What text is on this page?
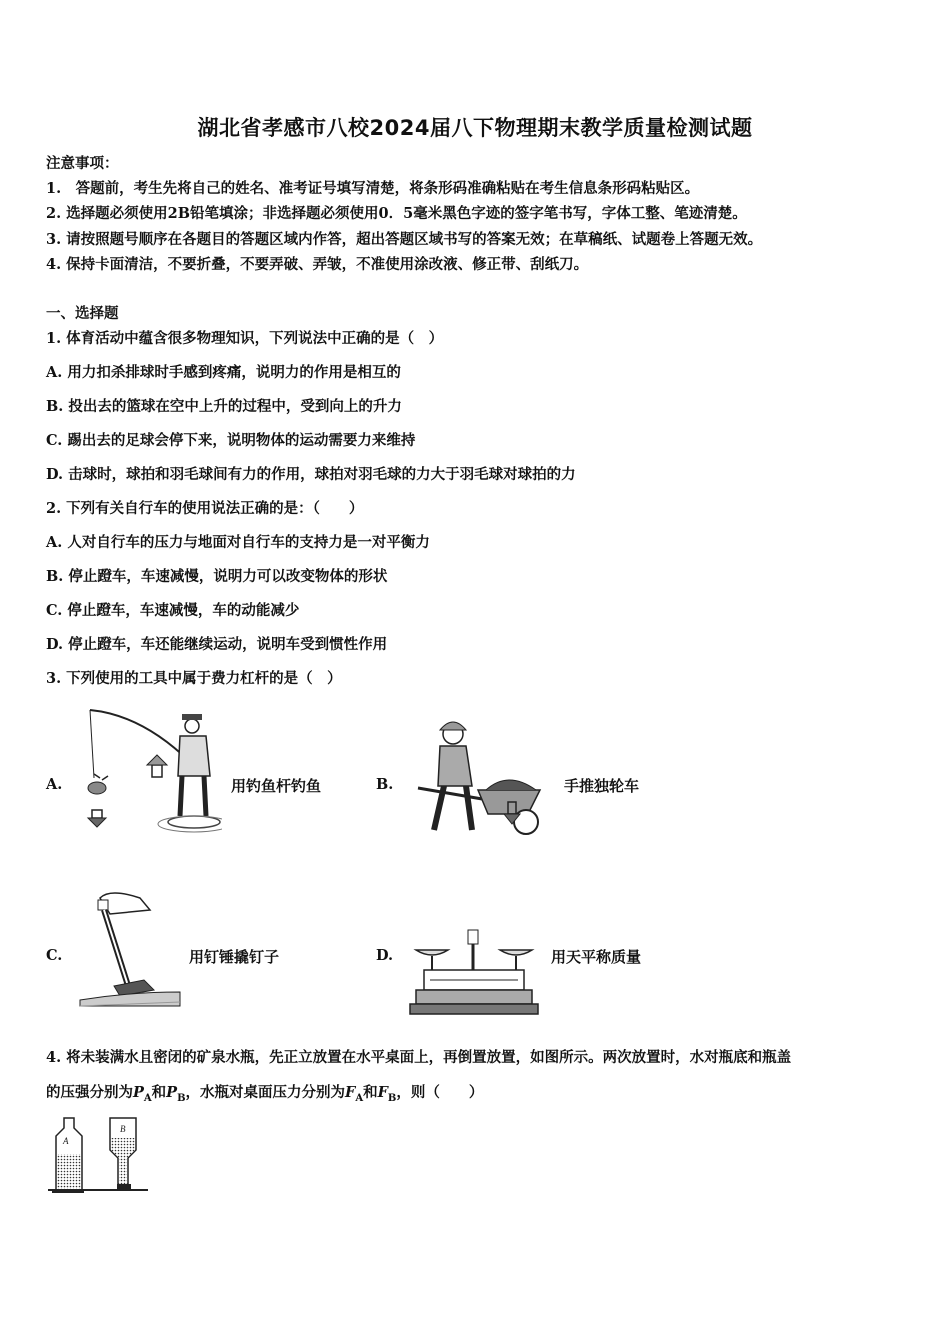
湖北省孝感市八校2024届八下物理期末教学质量检测试题
注意事项：
1.　答题前，考生先将自己的姓名、准考证号填写清楚，将条形码准确粘贴在考生信息条形码粘贴区。
2. 选择题必须使用2B铅笔填涂；非选择题必须使用0．5毫米黑色字迹的签字笔书写，字体工整、笔迹清楚。
3. 请按照题号顺序在各题目的答题区域内作答，超出答题区域书写的答案无效；在草稿纸、试题卷上答题无效。
4. 保持卡面清洁，不要折叠，不要弄破、弄皱，不准使用涂改液、修正带、刮纸刀。
一、选择题
1. 体育活动中蕴含很多物理知识，下列说法中正确的是（　）
A. 用力扣杀排球时手感到疼痛，说明力的作用是相互的
B. 投出去的篮球在空中上升的过程中，受到向上的升力
C. 踢出去的足球会停下来，说明物体的运动需要力来维持
D. 击球时，球拍和羽毛球间有力的作用，球拍对羽毛球的力大于羽毛球对球拍的力
2. 下列有关自行车的使用说法正确的是：（　　）
A. 人对自行车的压力与地面对自行车的支持力是一对平衡力
B. 停止蹬车，车速减慢，说明力可以改变物体的形状
C. 停止蹬车，车速减慢，车的动能减少
D. 停止蹬车，车还能继续运动，说明车受到惯性作用
3. 下列使用的工具中属于费力杠杆的是（　）
A.	用钓鱼杆钓鱼	B.	手推独轮车
C.	用钉锤撬钉子	D.	用天平称质量
4. 将未装满水且密闭的矿泉水瓶，先正立放置在水平桌面上，再倒置放置，如图所示。两次放置时，水对瓶底和瓶盖
的压强分别为$P_A$和$P_B$，水瓶对桌面压力分别为$F_A$和$F_B$，则（　　）
A
B
